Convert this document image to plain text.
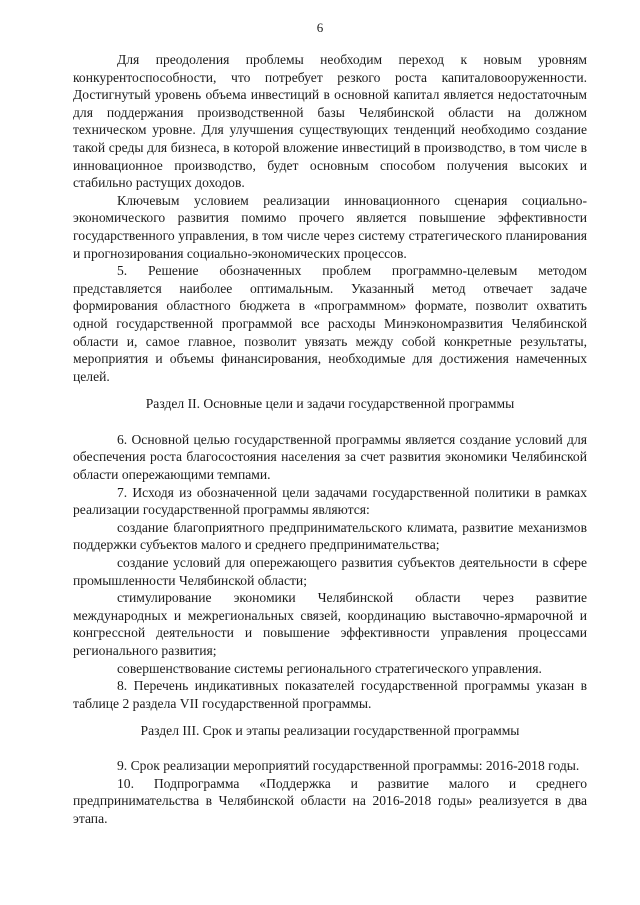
6

Для преодоления проблемы необходим переход к новым уровням конкурентоспособности, что потребует резкого роста капиталовооруженности. Достигнутый уровень объема инвестиций в основной капитал является недостаточным для поддержания производственной базы Челябинской области на должном техническом уровне. Для улучшения существующих тенденций необходимо создание такой среды для бизнеса, в которой вложение инвестиций в производство, в том числе в инновационное производство, будет основным способом получения высоких и стабильно растущих доходов.

Ключевым условием реализации инновационного сценария социально-экономического развития помимо прочего является повышение эффективности государственного управления, в том числе через систему стратегического планирования и прогнозирования социально-экономических процессов.

5. Решение обозначенных проблем программно-целевым методом представляется наиболее оптимальным. Указанный метод отвечает задаче формирования областного бюджета в «программном» формате, позволит охватить одной государственной программой все расходы Минэкономразвития Челябинской области и, самое главное, позволит увязать между собой конкретные результаты, мероприятия и объемы финансирования, необходимые для достижения намеченных целей.

Раздел II. Основные цели и задачи государственной программы

6. Основной целью государственной программы является создание условий для обеспечения роста благосостояния населения за счет развития экономики Челябинской области опережающими темпами.

7. Исходя из обозначенной цели задачами государственной политики в рамках реализации государственной программы являются:

создание благоприятного предпринимательского климата, развитие механизмов поддержки субъектов малого и среднего предпринимательства;

создание условий для опережающего развития субъектов деятельности в сфере промышленности Челябинской области;

стимулирование экономики Челябинской области через развитие международных и межрегиональных связей, координацию выставочно-ярмарочной и конгрессной деятельности и повышение эффективности управления процессами регионального развития;

совершенствование системы регионального стратегического управления.

8. Перечень индикативных показателей государственной программы указан в таблице 2 раздела VII государственной программы.

Раздел III. Срок и этапы реализации государственной программы

9. Срок реализации мероприятий государственной программы: 2016-2018 годы.

10. Подпрограмма «Поддержка и развитие малого и среднего предпринимательства в Челябинской области на 2016-2018 годы» реализуется в два этапа.
